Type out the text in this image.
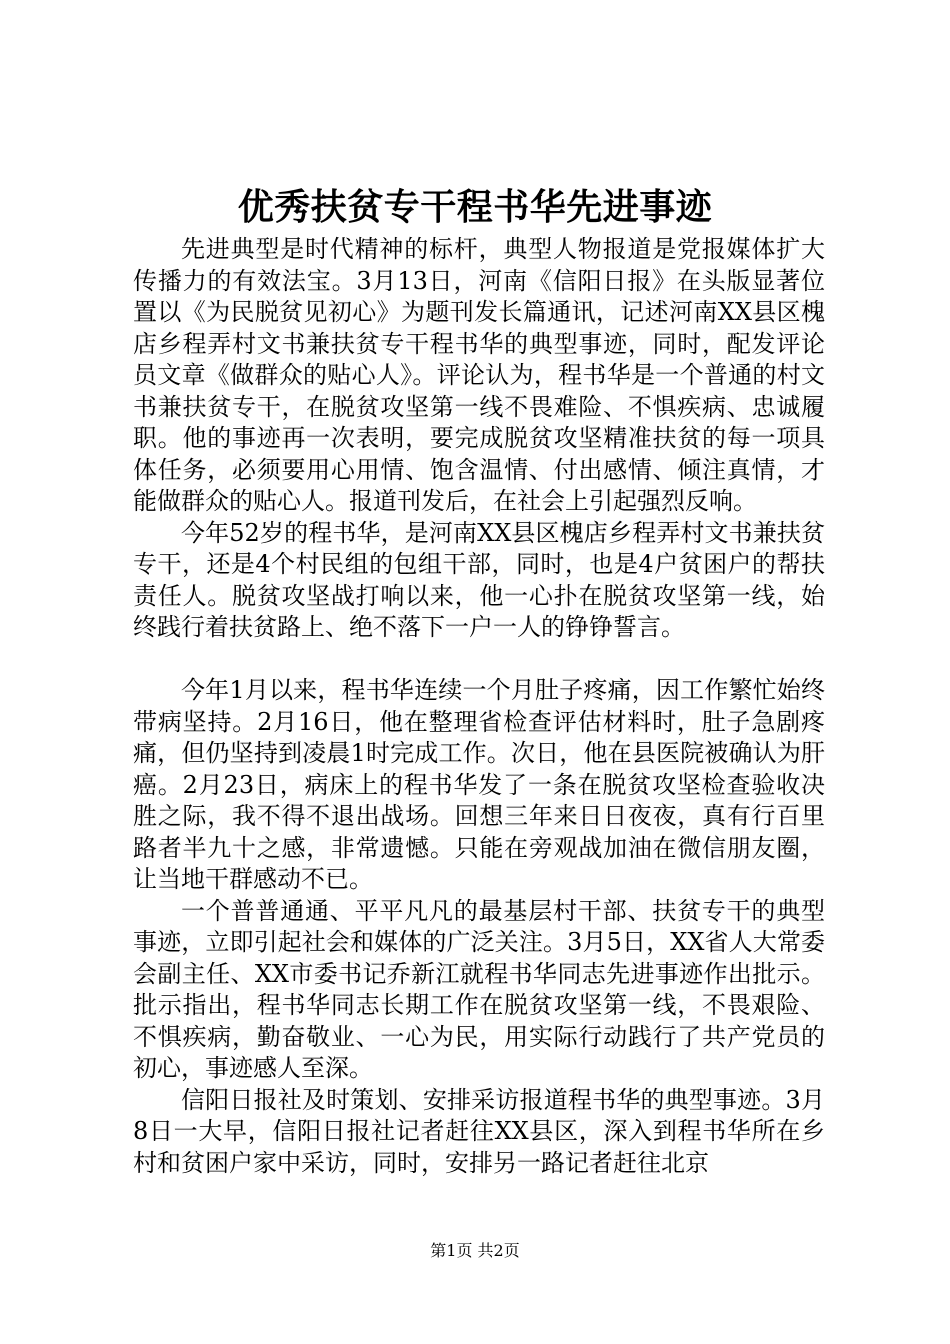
优秀扶贫专干程书华先进事迹

先进典型是时代精神的标杆，典型人物报道是党报媒体扩大传播力的有效法宝。3月13日，河南《信阳日报》在头版显著位置以《为民脱贫见初心》为题刊发长篇通讯，记述河南XX县区槐店乡程弄村文书兼扶贫专干程书华的典型事迹，同时，配发评论员文章《做群众的贴心人》。评论认为，程书华是一个普通的村文书兼扶贫专干，在脱贫攻坚第一线不畏难险、不惧疾病、忠诚履职。他的事迹再一次表明，要完成脱贫攻坚精准扶贫的每一项具体任务，必须要用心用情、饱含温情、付出感情、倾注真情，才能做群众的贴心人。报道刊发后，在社会上引起强烈反响。

今年52岁的程书华，是河南XX县区槐店乡程弄村文书兼扶贫专干，还是4个村民组的包组干部，同时，也是4户贫困户的帮扶责任人。脱贫攻坚战打响以来，他一心扑在脱贫攻坚第一线，始终践行着扶贫路上、绝不落下一户一人的铮铮誓言。

今年1月以来，程书华连续一个月肚子疼痛，因工作繁忙始终带病坚持。2月16日，他在整理省检查评估材料时，肚子急剧疼痛，但仍坚持到凌晨1时完成工作。次日，他在县医院被确认为肝癌。2月23日，病床上的程书华发了一条在脱贫攻坚检查验收决胜之际，我不得不退出战场。回想三年来日日夜夜，真有行百里路者半九十之感，非常遗憾。只能在旁观战加油在微信朋友圈，让当地干群感动不已。

一个普普通通、平平凡凡的最基层村干部、扶贫专干的典型事迹，立即引起社会和媒体的广泛关注。3月5日，XX省人大常委会副主任、XX市委书记乔新江就程书华同志先进事迹作出批示。批示指出，程书华同志长期工作在脱贫攻坚第一线，不畏艰险、不惧疾病，勤奋敬业、一心为民，用实际行动践行了共产党员的初心，事迹感人至深。

信阳日报社及时策划、安排采访报道程书华的典型事迹。3月8日一大早，信阳日报社记者赶往XX县区，深入到程书华所在乡村和贫困户家中采访，同时，安排另一路记者赶往北京

第1页 共2页
